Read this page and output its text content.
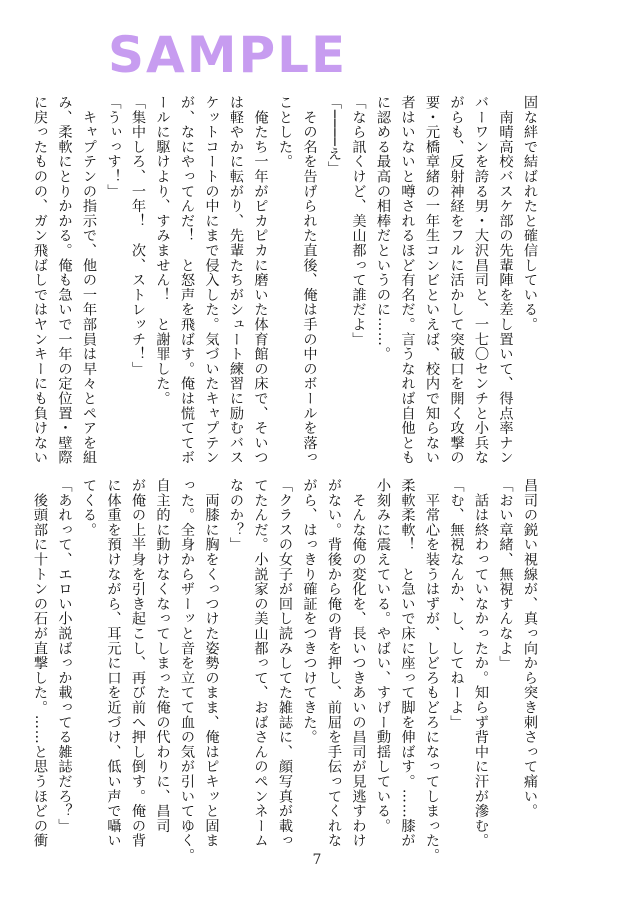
SAMPLE

固な絆で結ばれたと確信している。

　南晴高校バスケ部の先輩陣を差し置いて、得点率ナン

バーワンを誇る男・大沢昌司と、一七〇センチと小兵な

がらも、反射神経をフルに活かして突破口を開く攻撃の

要・元橋章緒の一年生コンビといえば、校内で知らない

者はいないと噂されるほど有名だ。言うなれば自他とも

に認める最高の相棒だというのに……。

「なら訊くけど、美山都って誰だよ」

「────え」

　その名を告げられた直後、俺は手の中のボールを落っ

ことした。

　俺たち一年がピカピカに磨いた体育館の床で、そいつ

は軽やかに転がり、先輩たちがシュート練習に励むバス

ケットコートの中にまで侵入した。気づいたキャプテン

が、なにやってんだ！　と怒声を飛ばす。俺は慌ててボ

ールに駆けより、すみません！　と謝罪した。

「集中しろ、一年！　次、ストレッチ！」

「うぃっす！」

　キャプテンの指示で、他の一年部員は早々とペアを組

み、柔軟にとりかかる。俺も急いで一年の定位置・壁際

に戻ったものの、ガン飛ばしではヤンキーにも負けない

昌司の鋭い視線が、真っ向から突き刺さって痛い。

「おい章緒、無視すんなよ」

　話は終わっていなかったか。知らず背中に汗が滲む。

「む、無視なんか、し、してねーよ」

　平常心を装うはずが、しどろもどろになってしまった。

柔軟柔軟！　と急いで床に座って脚を伸ばす。……膝が

小刻みに震えている。やばい、すげー動揺している。

　そんな俺の変化を、長いつきあいの昌司が見逃すわけ

がない。背後から俺の背を押し、前屈を手伝ってくれな

がら、はっきり確証をつきつけてきた。

「クラスの女子が回し読みしてた雑誌に、顔写真が載っ

てたんだ。小説家の美山都って、おばさんのペンネーム

なのか？」

　両膝に胸をくっつけた姿勢のまま、俺はピキッと固ま

った。全身からザーッと音を立てて血の気が引いてゆく。

自主的に動けなくなってしまった俺の代わりに、昌司

が俺の上半身を引き起こし、再び前へ押し倒す。俺の背

に体重を預けながら、耳元に口を近づけ、低い声で囁い

てくる。

「あれって、エロい小説ばっか載ってる雑誌だろ？」

　後頭部に十トンの石が直撃した。……と思うほどの衝

7
